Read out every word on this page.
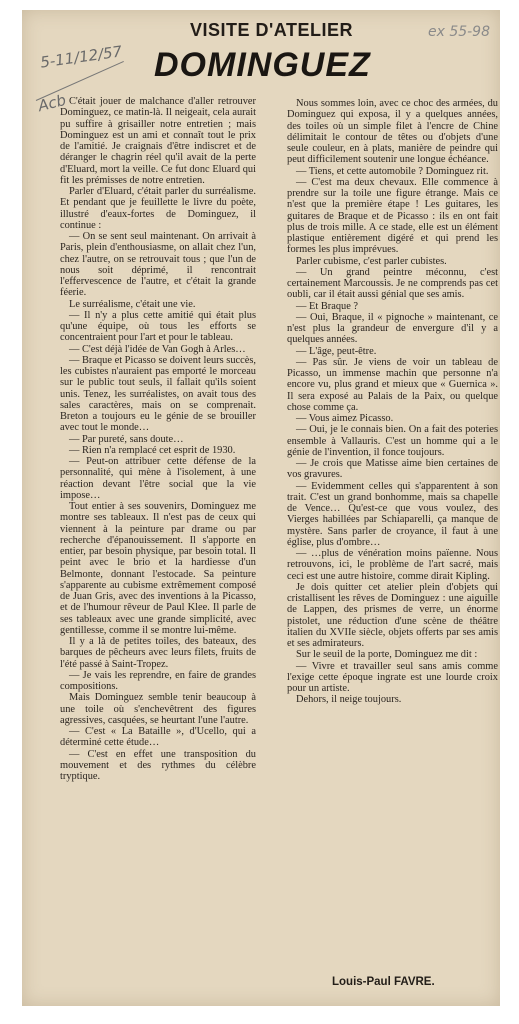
5-11/12/57
ex 55-98
Acb
VISITE D'ATELIER
DOMINGUEZ

C'était jouer de malchance d'aller retrouver Dominguez, ce matin-là. Il neigeait, cela aurait pu suffire à grisailler notre entretien ; mais Dominguez est un ami et connaît tout le prix de l'amitié. Je craignais d'être indiscret et de déranger le chagrin réel qu'il avait de la perte d'Eluard, mort la veille. Ce fut donc Eluard qui fit les prémisses de notre entretien.

Parler d'Eluard, c'était parler du surréalisme. Et pendant que je feuillette le livre du poète, illustré d'eaux-fortes de Dominguez, il continue :

— On se sent seul maintenant. On arrivait à Paris, plein d'enthousiasme, on allait chez l'un, chez l'autre, on se retrouvait tous ; que l'un de nous soit déprimé, il rencontrait l'effervescence de l'autre, et c'était la grande féerie.

Le surréalisme, c'était une vie.

— Il n'y a plus cette amitié qui était plus qu'une équipe, où tous les efforts se concentraient pour l'art et pour le tableau.

— C'est déjà l'idée de Van Gogh à Arles…

— Braque et Picasso se doivent leurs succès, les cubistes n'auraient pas emporté le morceau sur le public tout seuls, il fallait qu'ils soient unis. Tenez, les surréalistes, on avait tous des sales caractères, mais on se comprenait. Breton a toujours eu le génie de se brouiller avec tout le monde…

— Par pureté, sans doute…

— Rien n'a remplacé cet esprit de 1930.

— Peut-on attribuer cette défense de la personnalité, qui mène à l'isolement, à une réaction devant l'être social que la vie impose…

Tout entier à ses souvenirs, Dominguez me montre ses tableaux. Il n'est pas de ceux qui viennent à la peinture par drame ou par recherche d'épanouissement. Il s'apporte en entier, par besoin physique, par besoin total. Il peint avec le brio et la hardiesse d'un Belmonte, donnant l'estocade. Sa peinture s'apparente au cubisme extrêmement composé de Juan Gris, avec des inventions à la Picasso, et de l'humour rêveur de Paul Klee. Il parle de ses tableaux avec une grande simplicité, avec gentillesse, comme il se montre lui-même.

Il y a là de petites toiles, des bateaux, des barques de pêcheurs avec leurs filets, fruits de l'été passé à Saint-Tropez.

— Je vais les reprendre, en faire de grandes compositions.

Mais Dominguez semble tenir beaucoup à une toile où s'enchevêtrent des figures agressives, casquées, se heurtant l'une l'autre.

— C'est « La Bataille », d'Ucello, qui a déterminé cette étude…

— C'est en effet une transposition du mouvement et des rythmes du célèbre tryptique.

Nous sommes loin, avec ce choc des armées, du Dominguez qui exposa, il y a quelques années, des toiles où un simple filet à l'encre de Chine délimitait le contour de têtes ou d'objets d'une seule couleur, en à plats, manière de peindre qui peut difficilement soutenir une longue échéance.

— Tiens, et cette automobile ? Dominguez rit.

— C'est ma deux chevaux. Elle commence à prendre sur la toile une figure étrange. Mais ce n'est que la première étape ! Les guitares, les guitares de Braque et de Picasso : ils en ont fait plus de trois mille. A ce stade, elle est un élément plastique entièrement digéré et qui prend les formes les plus imprévues.

Parler cubisme, c'est parler cubistes.

— Un grand peintre méconnu, c'est certainement Marcoussis. Je ne comprends pas cet oubli, car il était aussi génial que ses amis.

— Et Braque ?

— Oui, Braque, il « pignoche » maintenant, ce n'est plus la grandeur de envergure d'il y a quelques années.

— L'âge, peut-être.

— Pas sûr. Je viens de voir un tableau de Picasso, un immense machin que personne n'a encore vu, plus grand et mieux que « Guernica ». Il sera exposé au Palais de la Paix, ou quelque chose comme ça.

— Vous aimez Picasso.

— Oui, je le connais bien. On a fait des poteries ensemble à Vallauris. C'est un homme qui a le génie de l'invention, il fonce toujours.

— Je crois que Matisse aime bien certaines de vos gravures.

— Evidemment celles qui s'apparentent à son trait. C'est un grand bonhomme, mais sa chapelle de Vence… Qu'est-ce que vous voulez, des Vierges habillées par Schiaparelli, ça manque de mystère. Sans parler de croyance, il faut à une église, plus d'ombre…

— …plus de vénération moins païenne. Nous retrouvons, ici, le problème de l'art sacré, mais ceci est une autre histoire, comme dirait Kipling.

Je dois quitter cet atelier plein d'objets qui cristallisent les rêves de Dominguez : une aiguille de Lappen, des prismes de verre, un énorme pistolet, une réduction d'une scène de théâtre italien du XVIIe siècle, objets offerts par ses amis et ses admirateurs.

Sur le seuil de la porte, Dominguez me dit :

— Vivre et travailler seul sans amis comme l'exige cette époque ingrate est une lourde croix pour un artiste.

Dehors, il neige toujours.

Louis-Paul FAVRE.
